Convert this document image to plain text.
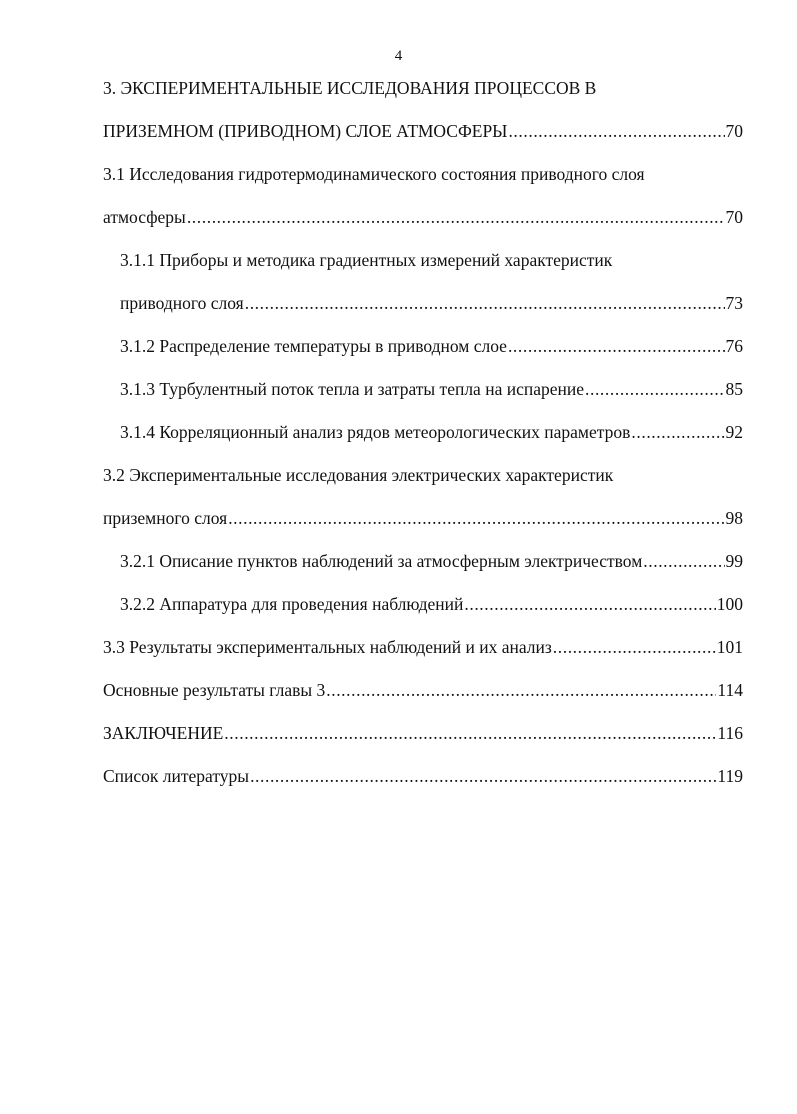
4
3. ЭКСПЕРИМЕНТАЛЬНЫЕ ИССЛЕДОВАНИЯ ПРОЦЕССОВ В
ПРИЗЕМНОМ (ПРИВОДНОМ) СЛОЕ АТМОСФЕРЫ .....	70
3.1 Исследования гидротермодинамического состояния приводного слоя
атмосферы .....	70
3.1.1 Приборы и методика градиентных измерений характеристик
приводного слоя .....	73
3.1.2 Распределение температуры в приводном слое .....	76
3.1.3 Турбулентный поток тепла и затраты тепла на испарение .....	85
3.1.4 Корреляционный анализ рядов метеорологических параметров .....	92
3.2 Экспериментальные исследования электрических характеристик
приземного слоя .....	98
3.2.1 Описание пунктов наблюдений за атмосферным электричеством .....	99
3.2.2 Аппаратура для проведения наблюдений .....	100
3.3 Результаты экспериментальных наблюдений и их анализ .....	101
Основные результаты главы 3 .....	114
ЗАКЛЮЧЕНИЕ .....	116
Список литературы .....	119
